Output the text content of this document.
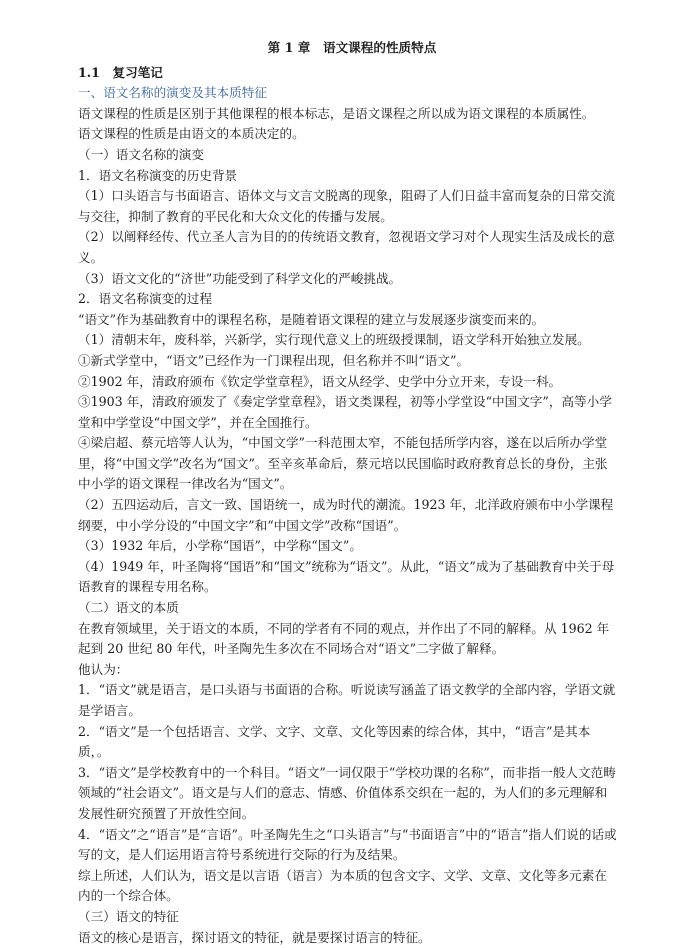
第 1 章　语文课程的性质特点
1.1　复习笔记

一、语文名称的演变及其本质特征

语文课程的性质是区别于其他课程的根本标志，是语文课程之所以成为语文课程的本质属性。

语文课程的性质是由语文的本质决定的。

（一）语文名称的演变

1．语文名称演变的历史背景

（1）口头语言与书面语言、语体文与文言文脱离的现象，阻碍了人们日益丰富而复杂的日常交流与交往，抑制了教育的平民化和大众文化的传播与发展。

（2）以阐释经传、代立圣人言为目的的传统语文教育，忽视语文学习对个人现实生活及成长的意义。

（3）语文文化的“济世”功能受到了科学文化的严峻挑战。

2．语文名称演变的过程

“语文”作为基础教育中的课程名称，是随着语文课程的建立与发展逐步演变而来的。

（1）清朝末年，废科举，兴新学，实行现代意义上的班级授课制，语文学科开始独立发展。

①新式学堂中，“语文”已经作为一门课程出现，但名称并不叫“语文”。

②1902 年，清政府颁布《钦定学堂章程》，语文从经学、史学中分立开来，专设一科。

③1903 年，清政府颁发了《奏定学堂章程》，语文类课程，初等小学堂设“中国文字”，高等小学堂和中学堂设“中国文学”，并在全国推行。

④梁启超、蔡元培等人认为，“中国文学”一科范围太窄，不能包括所学内容，遂在以后所办学堂里，将“中国文学”改名为“国文”。至辛亥革命后，蔡元培以民国临时政府教育总长的身份，主张中小学的语文课程一律改名为“国文”。

（2）五四运动后，言文一致、国语统一，成为时代的潮流。1923 年，北洋政府颁布中小学课程纲要，中小学分设的“中国文字”和“中国文学”改称“国语”。

（3）1932 年后，小学称“国语”，中学称“国文”。

（4）1949 年，叶圣陶将“国语”和“国文”统称为“语文”。从此，“语文”成为了基础教育中关于母语教育的课程专用名称。

（二）语文的本质

在教育领域里，关于语文的本质，不同的学者有不同的观点，并作出了不同的解释。从 1962 年起到 20 世纪 80 年代，叶圣陶先生多次在不同场合对“语文”二字做了解释。

他认为：

1．“语文”就是语言，是口头语与书面语的合称。听说读写涵盖了语文教学的全部内容，学语文就是学语言。

2．“语文”是一个包括语言、文学、文字、文章、文化等因素的综合体，其中，“语言”是其本质，。

3．“语文”是学校教育中的一个科目。“语文”一词仅限于“学校功课的名称”，而非指一般人文范畴领域的“社会语文”。语文是与人们的意志、情感、价值体系交织在一起的，为人们的多元理解和发展性研究预置了开放性空间。

4．“语文”之“语言”是“言语”。叶圣陶先生之“口头语言”与“书面语言”中的“语言”指人们说的话或写的文，是人们运用语言符号系统进行交际的行为及结果。

综上所述，人们认为，语文是以言语（语言）为本质的包含文字、文学、文章、文化等多元素在内的一个综合体。

（三）语文的特征

语文的核心是语言，探讨语文的特征，就是要探讨语言的特征。
